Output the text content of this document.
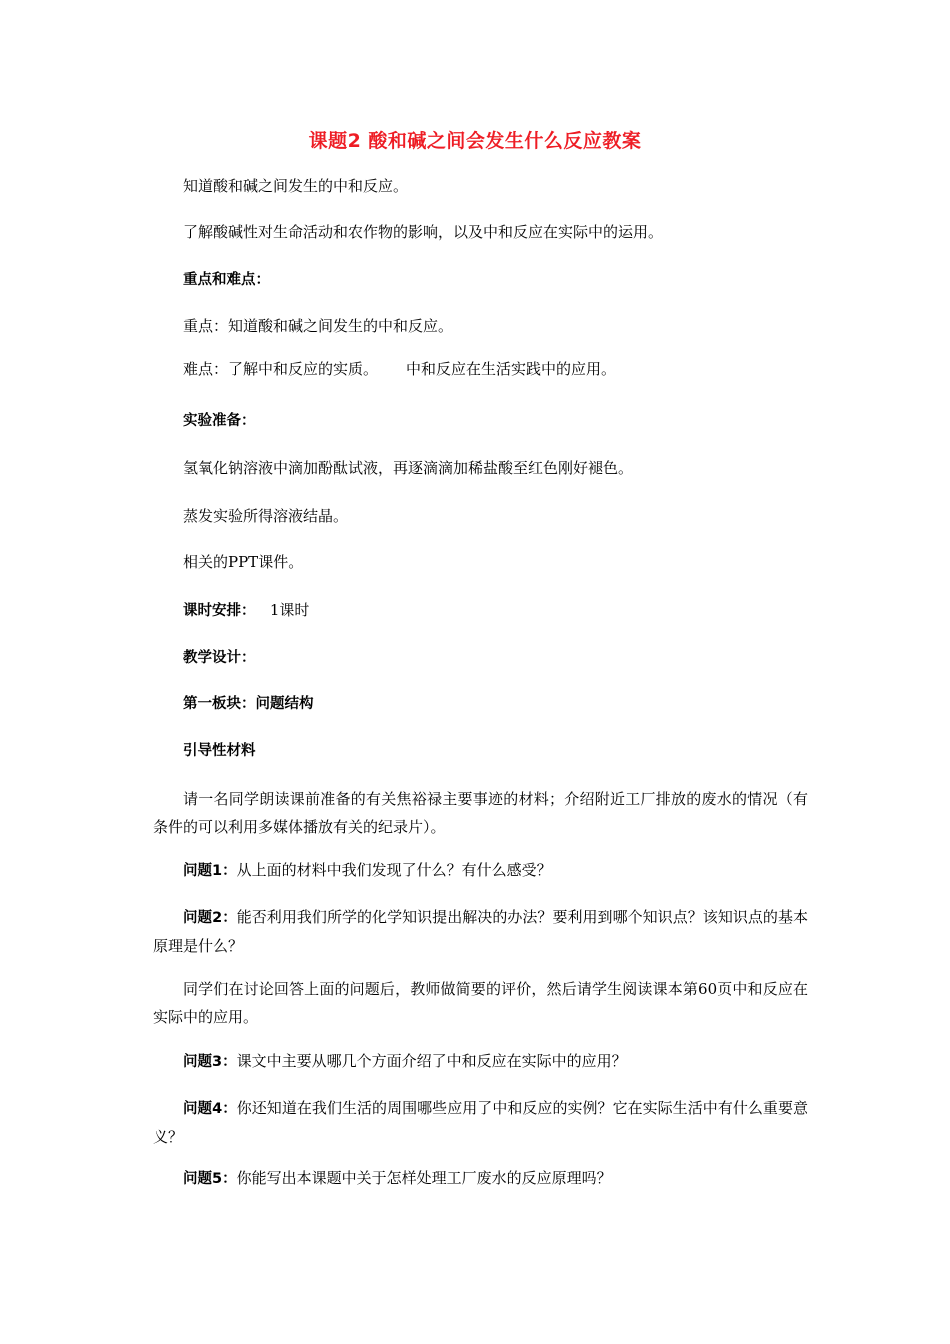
课题2 酸和碱之间会发生什么反应教案
知道酸和碱之间发生的中和反应。
了解酸碱性对生命活动和农作物的影响，以及中和反应在实际中的运用。
重点和难点：
重点：知道酸和碱之间发生的中和反应。
难点：了解中和反应的实质。 中和反应在生活实践中的应用。
实验准备：
氢氧化钠溶液中滴加酚酞试液，再逐滴滴加稀盐酸至红色刚好褪色。
蒸发实验所得溶液结晶。
相关的PPT课件。
课时安排： 1课时
教学设计：
第一板块：问题结构
引导性材料
请一名同学朗读课前准备的有关焦裕禄主要事迹的材料；介绍附近工厂排放的废水的情况（有条件的可以利用多媒体播放有关的纪录片）。
问题1：从上面的材料中我们发现了什么？有什么感受？
问题2：能否利用我们所学的化学知识提出解决的办法？要利用到哪个知识点？该知识点的基本原理是什么？
同学们在讨论回答上面的问题后，教师做简要的评价，然后请学生阅读课本第60页中和反应在实际中的应用。
问题3：课文中主要从哪几个方面介绍了中和反应在实际中的应用？
问题4：你还知道在我们生活的周围哪些应用了中和反应的实例？它在实际生活中有什么重要意义？
问题5：你能写出本课题中关于怎样处理工厂废水的反应原理吗？
